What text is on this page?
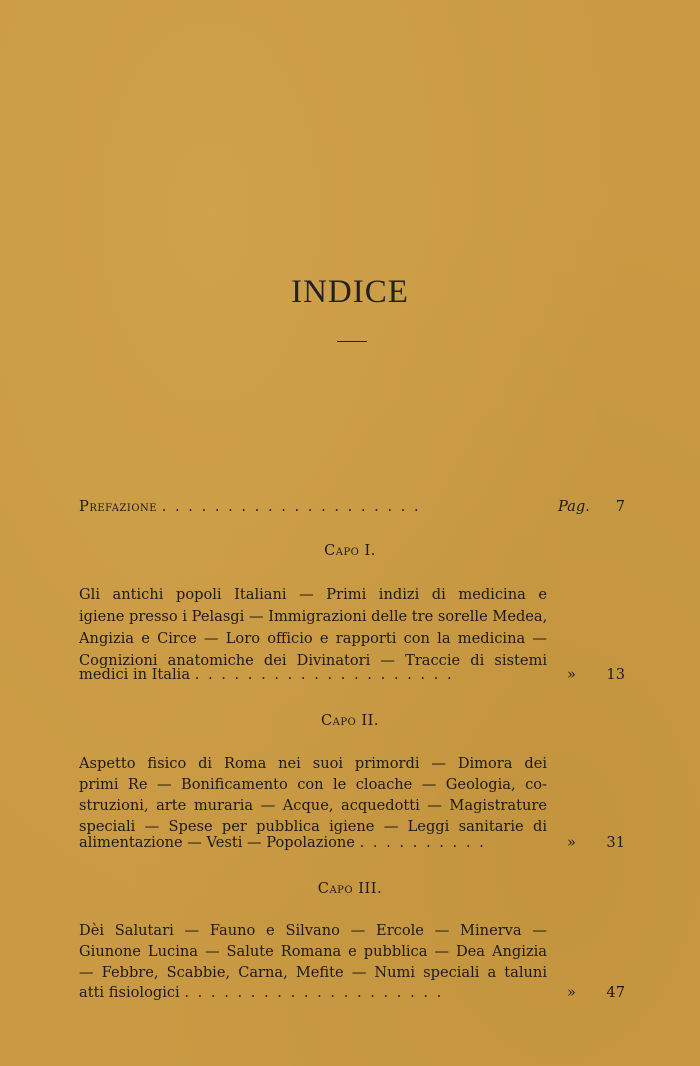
INDICE
Prefazione . . . . . . . . . . . . . . . . . . . .	Pag. 7
Capo I.
Gli antichi popoli Italiani — Primi indizi di medicina e
igiene presso i Pelasgi — Immigrazioni delle tre sorelle Medea,
Angizia e Circe — Loro officio e rapporti con la medicina —
Cognizioni anatomiche dei Divinatori — Traccie di sistemi
medici in Italia . . . . . . . . . . . . . . . . . . . .	» 13
Capo II.
Aspetto fisico di Roma nei suoi primordi — Dimora dei
primi Re — Bonificamento con le cloache — Geologia, co-
struzioni, arte muraria — Acque, acquedotti — Magistrature
speciali — Spese per pubblica igiene — Leggi sanitarie di
alimentazione — Vesti — Popolazione . . . . . . . . . .	» 31
Capo III.
Dèi Salutari — Fauno e Silvano — Ercole — Minerva —
Giunone Lucina — Salute Romana e pubblica — Dea Angizia
— Febbre, Scabbie, Carna, Mefite — Numi speciali a taluni
atti fisiologici . . . . . . . . . . . . . . . . . . . .	» 47
